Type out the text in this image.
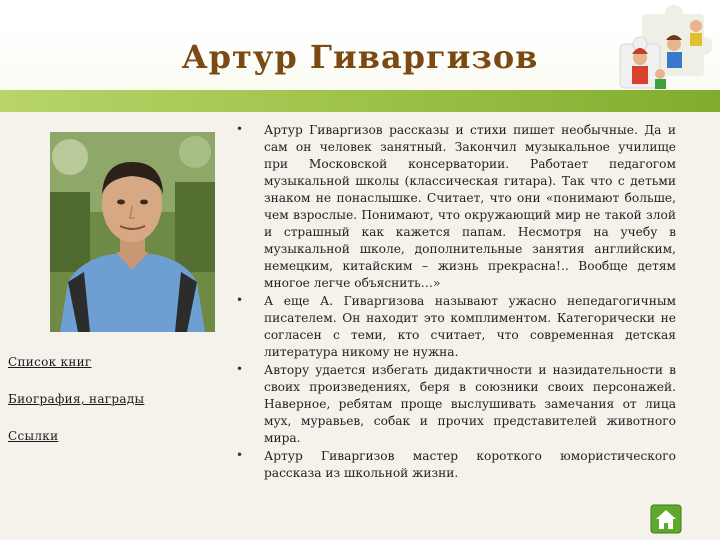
Артур Гиваргизов
Список книг
Биография, награды
Ссылки
• Артур Гиваргизов рассказы и стихи пишет необычные. Да и сам он человек занятный. Закончил музыкальное училище при Московской консерватории. Работает педагогом музыкальной школы (классическая гитара). Так что с детьми знаком не понаслышке. Считает, что они «понимают больше, чем взрослые. Понимают, что окружающий мир не такой злой и страшный как кажется папам. Несмотря на учебу в музыкальной школе, дополнительные занятия английским, немецким, китайским – жизнь прекрасна!.. Вообще детям многое легче объяснить…»
• А еще А. Гиваргизова называют ужасно непедагогичным писателем. Он находит это комплиментом. Категорически не согласен с теми, кто считает, что современная детская литература никому не нужна.
• Автору удается избегать дидактичности и назидательности в своих произведениях, беря в союзники своих персонажей. Наверное, ребятам проще выслушивать замечания от лица мух, муравьев, собак и прочих представителей животного мира.
• Артур Гиваргизов мастер короткого юмористического рассказа из школьной жизни.
